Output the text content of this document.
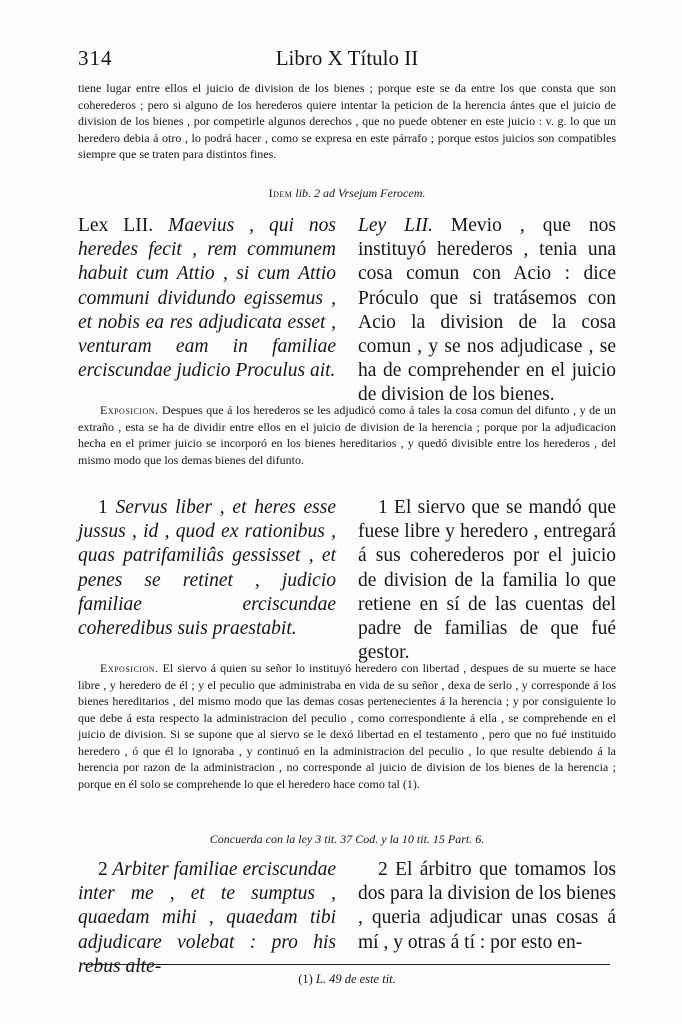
314	Libro X Título II

tiene lugar entre ellos el juicio de division de los bienes ; porque este se da entre los que consta que son coherederos ; pero si alguno de los herederos quiere intentar la peticion de la herencia ántes que el juicio de division de los bienes , por competirle algunos derechos , que no puede obtener en este juicio : v. g. lo que un heredero debia á otro , lo podrá hacer , como se expresa en este párrafo ; porque estos juicios son compatibles siempre que se traten para distintos fines.

Idem lib. 2 ad Vrsejum Ferocem.

Lex LII. Maevius , qui nos heredes fecit , rem communem habuit cum Attio , si cum Attio communi dividundo egissemus , et nobis ea res adjudicata esset , venturam eam in familiae erciscundae judicio Proculus ait.

Ley LII. Mevio , que nos instituyó herederos , tenia una cosa comun con Acio : dice Próculo que si tratásemos con Acio la division de la cosa comun , y se nos adjudicase , se ha de comprehender en el juicio de division de los bienes.

Exposicion. Despues que á los herederos se les adjudicó como á tales la cosa comun del difunto , y de un extraño , esta se ha de dividir entre ellos en el juicio de division de la herencia ; porque por la adjudicacion hecha en el primer juicio se incorporó en los bienes hereditarios , y quedó divisible entre los herederos , del mismo modo que los demas bienes del difunto.

1 Servus liber , et heres esse jussus , id , quod ex rationibus , quas patrifamiliâs gessisset , et penes se retinet , judicio familiae erciscundae coheredibus suis praestabit.

1 El siervo que se mandó que fuese libre y heredero , entregará á sus coherederos por el juicio de division de la familia lo que retiene en sí de las cuentas del padre de familias de que fué gestor.

Exposicion. El siervo á quien su señor lo instituyó heredero con libertad , despues de su muerte se hace libre , y heredero de él ; y el peculio que administraba en vida de su señor , dexa de serlo , y corresponde á los bienes hereditarios , del mismo modo que las demas cosas pertenecientes á la herencia ; y por consiguiente lo que debe á esta respecto la administracion del peculio , como correspondiente á ella , se comprehende en el juicio de division. Si se supone que al siervo se le dexó libertad en el testamento , pero que no fué instituido heredero , ó que él lo ignoraba , y continuó en la administracion del peculio , lo que resulte debiendo á la herencia por razon de la administracion , no corresponde al juicio de division de los bienes de la herencia ; porque en él solo se comprehende lo que el heredero hace como tal (1).

Concuerda con la ley 3 tit. 37 Cod. y la 10 tit. 15 Part. 6.

2 Arbiter familiae erciscundae inter me , et te sumptus , quaedam mihi , quaedam tibi adjudicare volebat : pro his rebus alte-

2 El árbitro que tomamos los dos para la division de los bienes , queria adjudicar unas cosas á mí , y otras á tí : por esto en-

(1) L. 49 de este tit.
